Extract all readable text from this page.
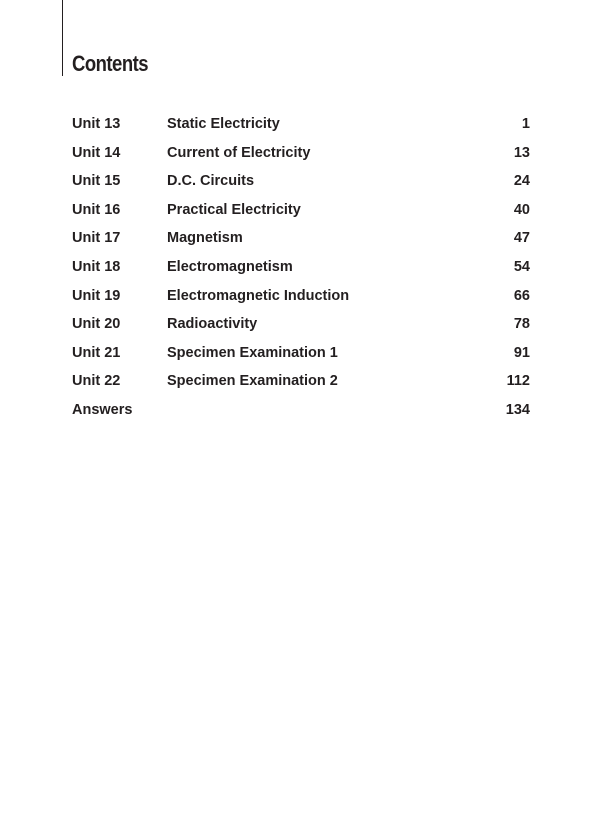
Contents
Unit 13	Static Electricity	1
Unit 14	Current of Electricity	13
Unit 15	D.C. Circuits	24
Unit 16	Practical Electricity	40
Unit 17	Magnetism	47
Unit 18	Electromagnetism	54
Unit 19	Electromagnetic Induction	66
Unit 20	Radioactivity	78
Unit 21	Specimen Examination 1	91
Unit 22	Specimen Examination 2	112
Answers	134
